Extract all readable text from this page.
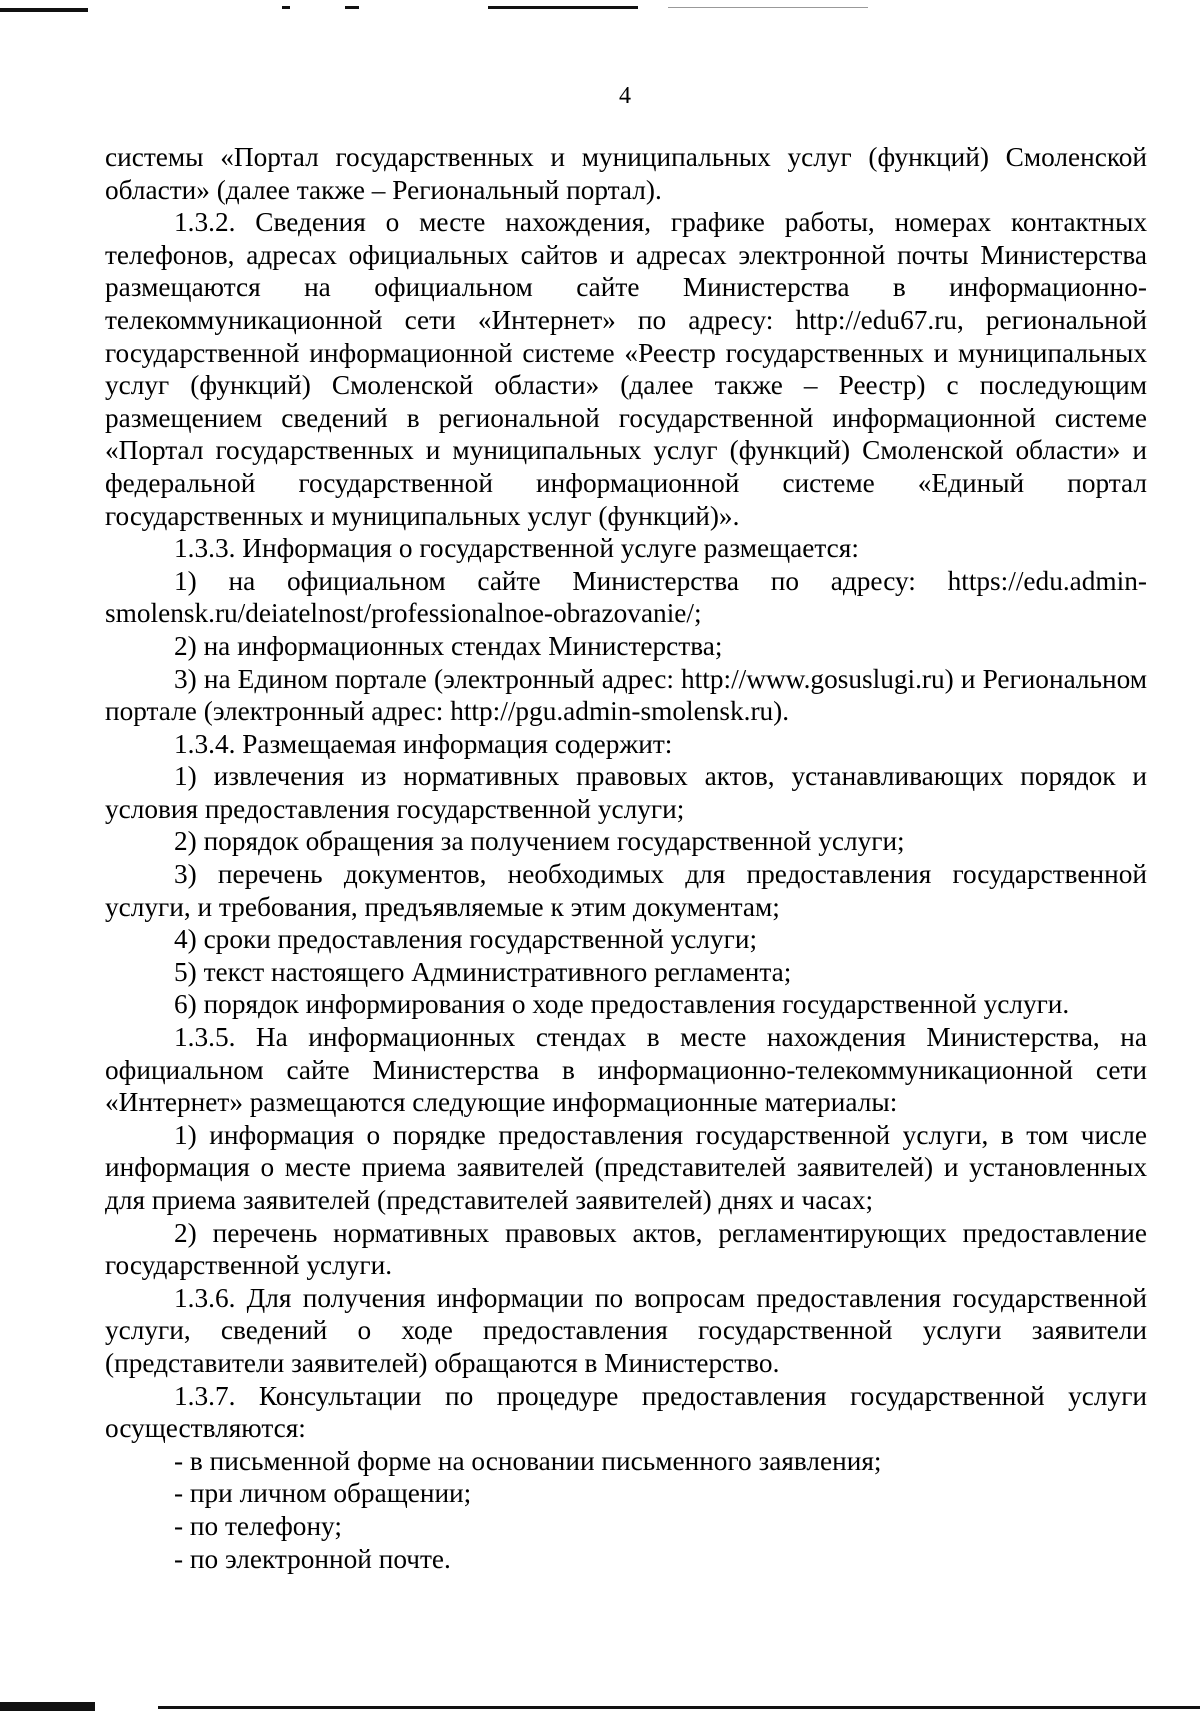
4

системы «Портал государственных и муниципальных услуг (функций) Смоленской области» (далее также – Региональный портал).

1.3.2. Сведения о месте нахождения, графике работы, номерах контактных телефонов, адресах официальных сайтов и адресах электронной почты Министерства размещаются на официальном сайте Министерства в информационно-телекоммуникационной сети «Интернет» по адресу: http://edu67.ru, региональной государственной информационной системе «Реестр государственных и муниципальных услуг (функций) Смоленской области» (далее также – Реестр) с последующим размещением сведений в региональной государственной информационной системе «Портал государственных и муниципальных услуг (функций) Смоленской области» и федеральной государственной информационной системе «Единый портал государственных и муниципальных услуг (функций)».

1.3.3. Информация о государственной услуге размещается:

1) на официальном сайте Министерства по адресу: https://edu.admin-smolensk.ru/deiatelnost/professionalnoe-obrazovanie/;

2) на информационных стендах Министерства;

3) на Едином портале (электронный адрес: http://www.gosuslugi.ru) и Региональном портале (электронный адрес: http://pgu.admin-smolensk.ru).

1.3.4. Размещаемая информация содержит:

1) извлечения из нормативных правовых актов, устанавливающих порядок и условия предоставления государственной услуги;

2) порядок обращения за получением государственной услуги;

3) перечень документов, необходимых для предоставления государственной услуги, и требования, предъявляемые к этим документам;

4) сроки предоставления государственной услуги;

5) текст настоящего Административного регламента;

6) порядок информирования о ходе предоставления государственной услуги.

1.3.5. На информационных стендах в месте нахождения Министерства, на официальном сайте Министерства в информационно-телекоммуникационной сети «Интернет» размещаются следующие информационные материалы:

1) информация о порядке предоставления государственной услуги, в том числе информация о месте приема заявителей (представителей заявителей) и установленных для приема заявителей (представителей заявителей) днях и часах;

2) перечень нормативных правовых актов, регламентирующих предоставление государственной услуги.

1.3.6. Для получения информации по вопросам предоставления государственной услуги, сведений о ходе предоставления государственной услуги заявители (представители заявителей) обращаются в Министерство.

1.3.7. Консультации по процедуре предоставления государственной услуги осуществляются:

- в письменной форме на основании письменного заявления;

- при личном обращении;

- по телефону;

- по электронной почте.
